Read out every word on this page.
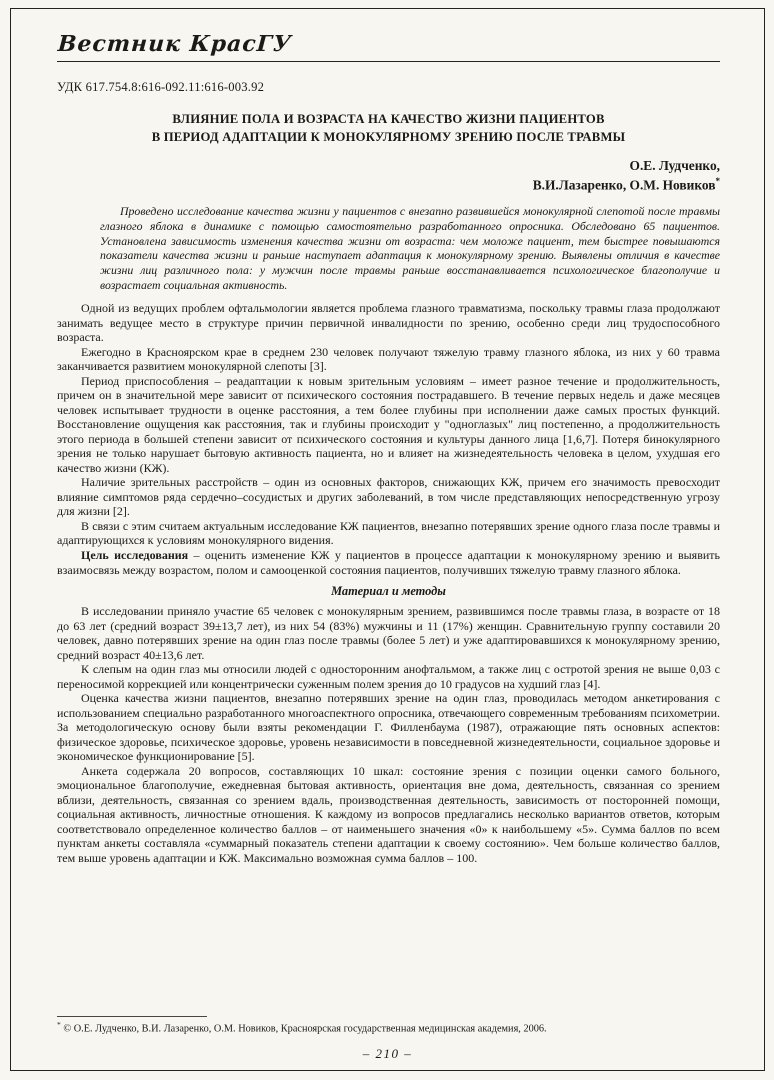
Вестник КрасГУ
УДК 617.754.8:616-092.11:616-003.92
ВЛИЯНИЕ ПОЛА И ВОЗРАСТА НА КАЧЕСТВО ЖИЗНИ ПАЦИЕНТОВ
В ПЕРИОД АДАПТАЦИИ К МОНОКУЛЯРНОМУ ЗРЕНИЮ ПОСЛЕ ТРАВМЫ
О.Е. Лудченко,
В.И.Лазаренко, О.М. Новиков*

Проведено исследование качества жизни у пациентов с внезапно развившейся монокулярной слепотой после травмы глазного яблока в динамике с помощью самостоятельно разработанного опросника. Обследовано 65 пациентов. Установлена зависимость изменения качества жизни от возраста: чем моложе пациент, тем быстрее повышаются показатели качества жизни и раньше наступает адаптация к монокулярному зрению. Выявлены отличия в качестве жизни лиц различного пола: у мужчин после травмы раньше восстанавливается психологическое благополучие и возрастает социальная активность.

Одной из ведущих проблем офтальмологии является проблема глазного травматизма, поскольку травмы глаза продолжают занимать ведущее место в структуре причин первичной инвалидности по зрению, особенно среди лиц трудоспособного возраста.

Ежегодно в Красноярском крае в среднем 230 человек получают тяжелую травму глазного яблока, из них у 60 травма заканчивается развитием монокулярной слепоты [3].

Период приспособления – реадаптации к новым зрительным условиям – имеет разное течение и продолжительность, причем он в значительной мере зависит от психического состояния пострадавшего. В течение первых недель и даже месяцев человек испытывает трудности в оценке расстояния, а тем более глубины при исполнении даже самых простых функций. Восстановление ощущения как расстояния, так и глубины происходит у "одноглазых" лиц постепенно, а продолжительность этого периода в большей степени зависит от психического состояния и культуры данного лица [1,6,7]. Потеря бинокулярного зрения не только нарушает бытовую активность пациента, но и влияет на жизнедеятельность человека в целом, ухудшая его качество жизни (КЖ).

Наличие зрительных расстройств – один из основных факторов, снижающих КЖ, причем его значимость превосходит влияние симптомов ряда сердечно–сосудистых и других заболеваний, в том числе представляющих непосредственную угрозу для жизни [2].

В связи с этим считаем актуальным исследование КЖ пациентов, внезапно потерявших зрение одного глаза после травмы и адаптирующихся к условиям монокулярного видения.

Цель исследования – оценить изменение КЖ у пациентов в процессе адаптации к монокулярному зрению и выявить взаимосвязь между возрастом, полом и самооценкой состояния пациентов, получивших тяжелую травму глазного яблока.

Материал и методы

В исследовании приняло участие 65 человек с монокулярным зрением, развившимся после травмы глаза, в возрасте от 18 до 63 лет (средний возраст 39±13,7 лет), из них 54 (83%) мужчины и 11 (17%) женщин. Сравнительную группу составили 20 человек, давно потерявших зрение на один глаз после травмы (более 5 лет) и уже адаптировавшихся к монокулярному зрению, средний возраст 40±13,6 лет.

К слепым на один глаз мы относили людей с односторонним анофтальмом, а также лиц с остротой зрения не выше 0,03 с переносимой коррекцией или концентрически суженным полем зрения до 10 градусов на худший глаз [4].

Оценка качества жизни пациентов, внезапно потерявших зрение на один глаз, проводилась методом анкетирования с использованием специально разработанного многоаспектного опросника, отвечающего современным требованиям психометрии. За методологическую основу были взяты рекомендации Г. Филленбаума (1987), отражающие пять основных аспектов: физическое здоровье, психическое здоровье, уровень независимости в повседневной жизнедеятельности, социальное здоровье и экономическое функционирование [5].

Анкета содержала 20 вопросов, составляющих 10 шкал: состояние зрения с позиции оценки самого больного, эмоциональное благополучие, ежедневная бытовая активность, ориентация вне дома, деятельность, связанная со зрением вблизи, деятельность, связанная со зрением вдаль, производственная деятельность, зависимость от посторонней помощи, социальная активность, личностные отношения. К каждому из вопросов предлагались несколько вариантов ответов, которым соответствовало определенное количество баллов – от наименьшего значения «0» к наибольшему «5». Сумма баллов по всем пунктам анкеты составляла «суммарный показатель степени адаптации к своему состоянию». Чем больше количество баллов, тем выше уровень адаптации и КЖ. Максимально возможная сумма баллов – 100.

* © О.Е. Лудченко, В.И. Лазаренко, О.М. Новиков, Красноярская государственная медицинская академия, 2006.
– 210 –
